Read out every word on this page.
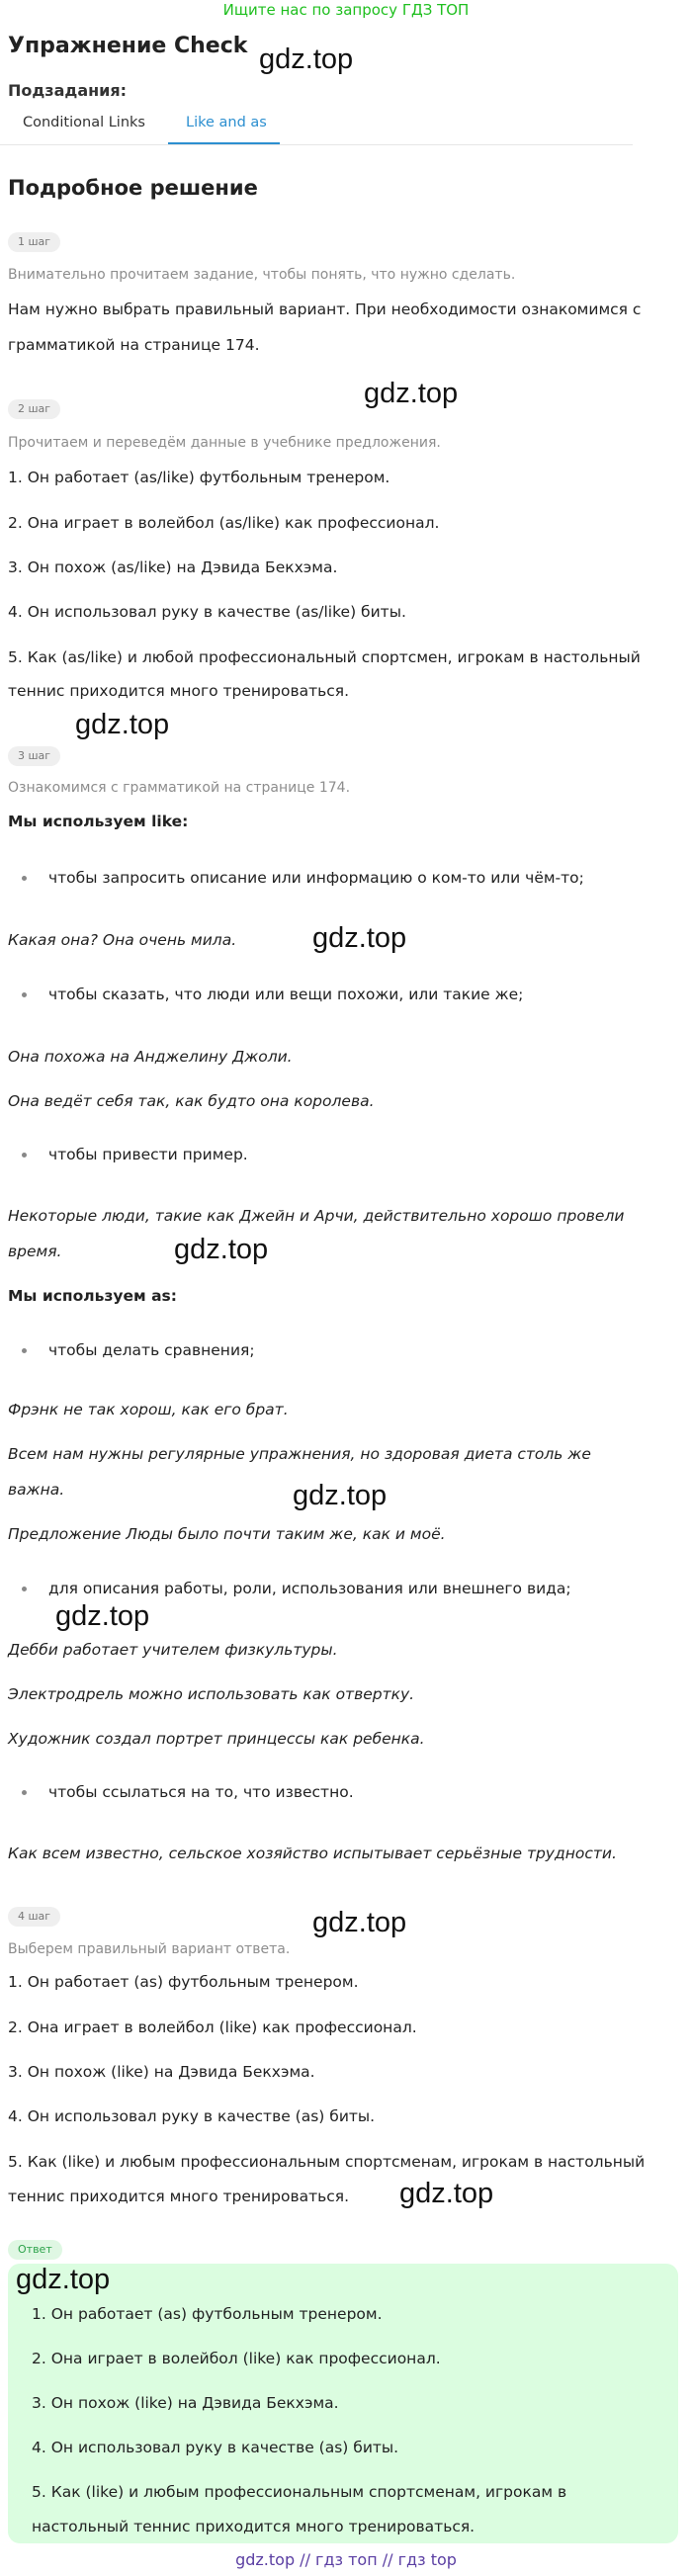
Ищите нас по запросу ГДЗ ТОП
Упражнение Check gdz.top
Подзадания:
Conditional Links	Like and as
Подробное решение
1 шаг
Внимательно прочитаем задание, чтобы понять, что нужно сделать.
Нам нужно выбрать правильный вариант. При необходимости ознакомимся с
грамматикой на странице 174.
2 шаг	gdz.top
Прочитаем и переведём данные в учебнике предложения.
1. Он работает (as/like) футбольным тренером.
2. Она играет в волейбол (as/like) как профессионал.
3. Он похож (as/like) на Дэвида Бекхэма.
4. Он использовал руку в качестве (as/like) биты.
5. Как (as/like) и любой профессиональный спортсмен, игрокам в настольный
теннис приходится много тренироваться.
gdz.top
3 шаг
Ознакомимся с грамматикой на странице 174.
Мы используем like:
чтобы запросить описание или информацию о ком-то или чём-то;
Какая она? Она очень мила.	gdz.top
чтобы сказать, что люди или вещи похожи, или такие же;
Она похожа на Анджелину Джоли.
Она ведёт себя так, как будто она королева.
чтобы привести пример.
Некоторые люди, такие как Джейн и Арчи, действительно хорошо провели
время.	gdz.top
Мы используем as:
чтобы делать сравнения;
Фрэнк не так хорош, как его брат.
Всем нам нужны регулярные упражнения, но здоровая диета столь же
важна.	gdz.top
Предложение Люды было почти таким же, как и моё.
для описания работы, роли, использования или внешнего вида;
gdz.top
Дебби работает учителем физкультуры.
Электродрель можно использовать как отвертку.
Художник создал портрет принцессы как ребенка.
чтобы ссылаться на то, что известно.
Как всем известно, сельское хозяйство испытывает серьёзные трудности.
4 шаг	gdz.top
Выберем правильный вариант ответа.
1. Он работает (as) футбольным тренером.
2. Она играет в волейбол (like) как профессионал.
3. Он похож (like) на Дэвида Бекхэма.
4. Он использовал руку в качестве (as) биты.
5. Как (like) и любым профессиональным спортсменам, игрокам в настольный
теннис приходится много тренироваться. gdz.top
Ответ
gdz.top
1. Он работает (as) футбольным тренером.
2. Она играет в волейбол (like) как профессионал.
3. Он похож (like) на Дэвида Бекхэма.
4. Он использовал руку в качестве (as) биты.
5. Как (like) и любым профессиональным спортсменам, игрокам в
настольный теннис приходится много тренироваться.
gdz.top // гдз топ // гдз top
